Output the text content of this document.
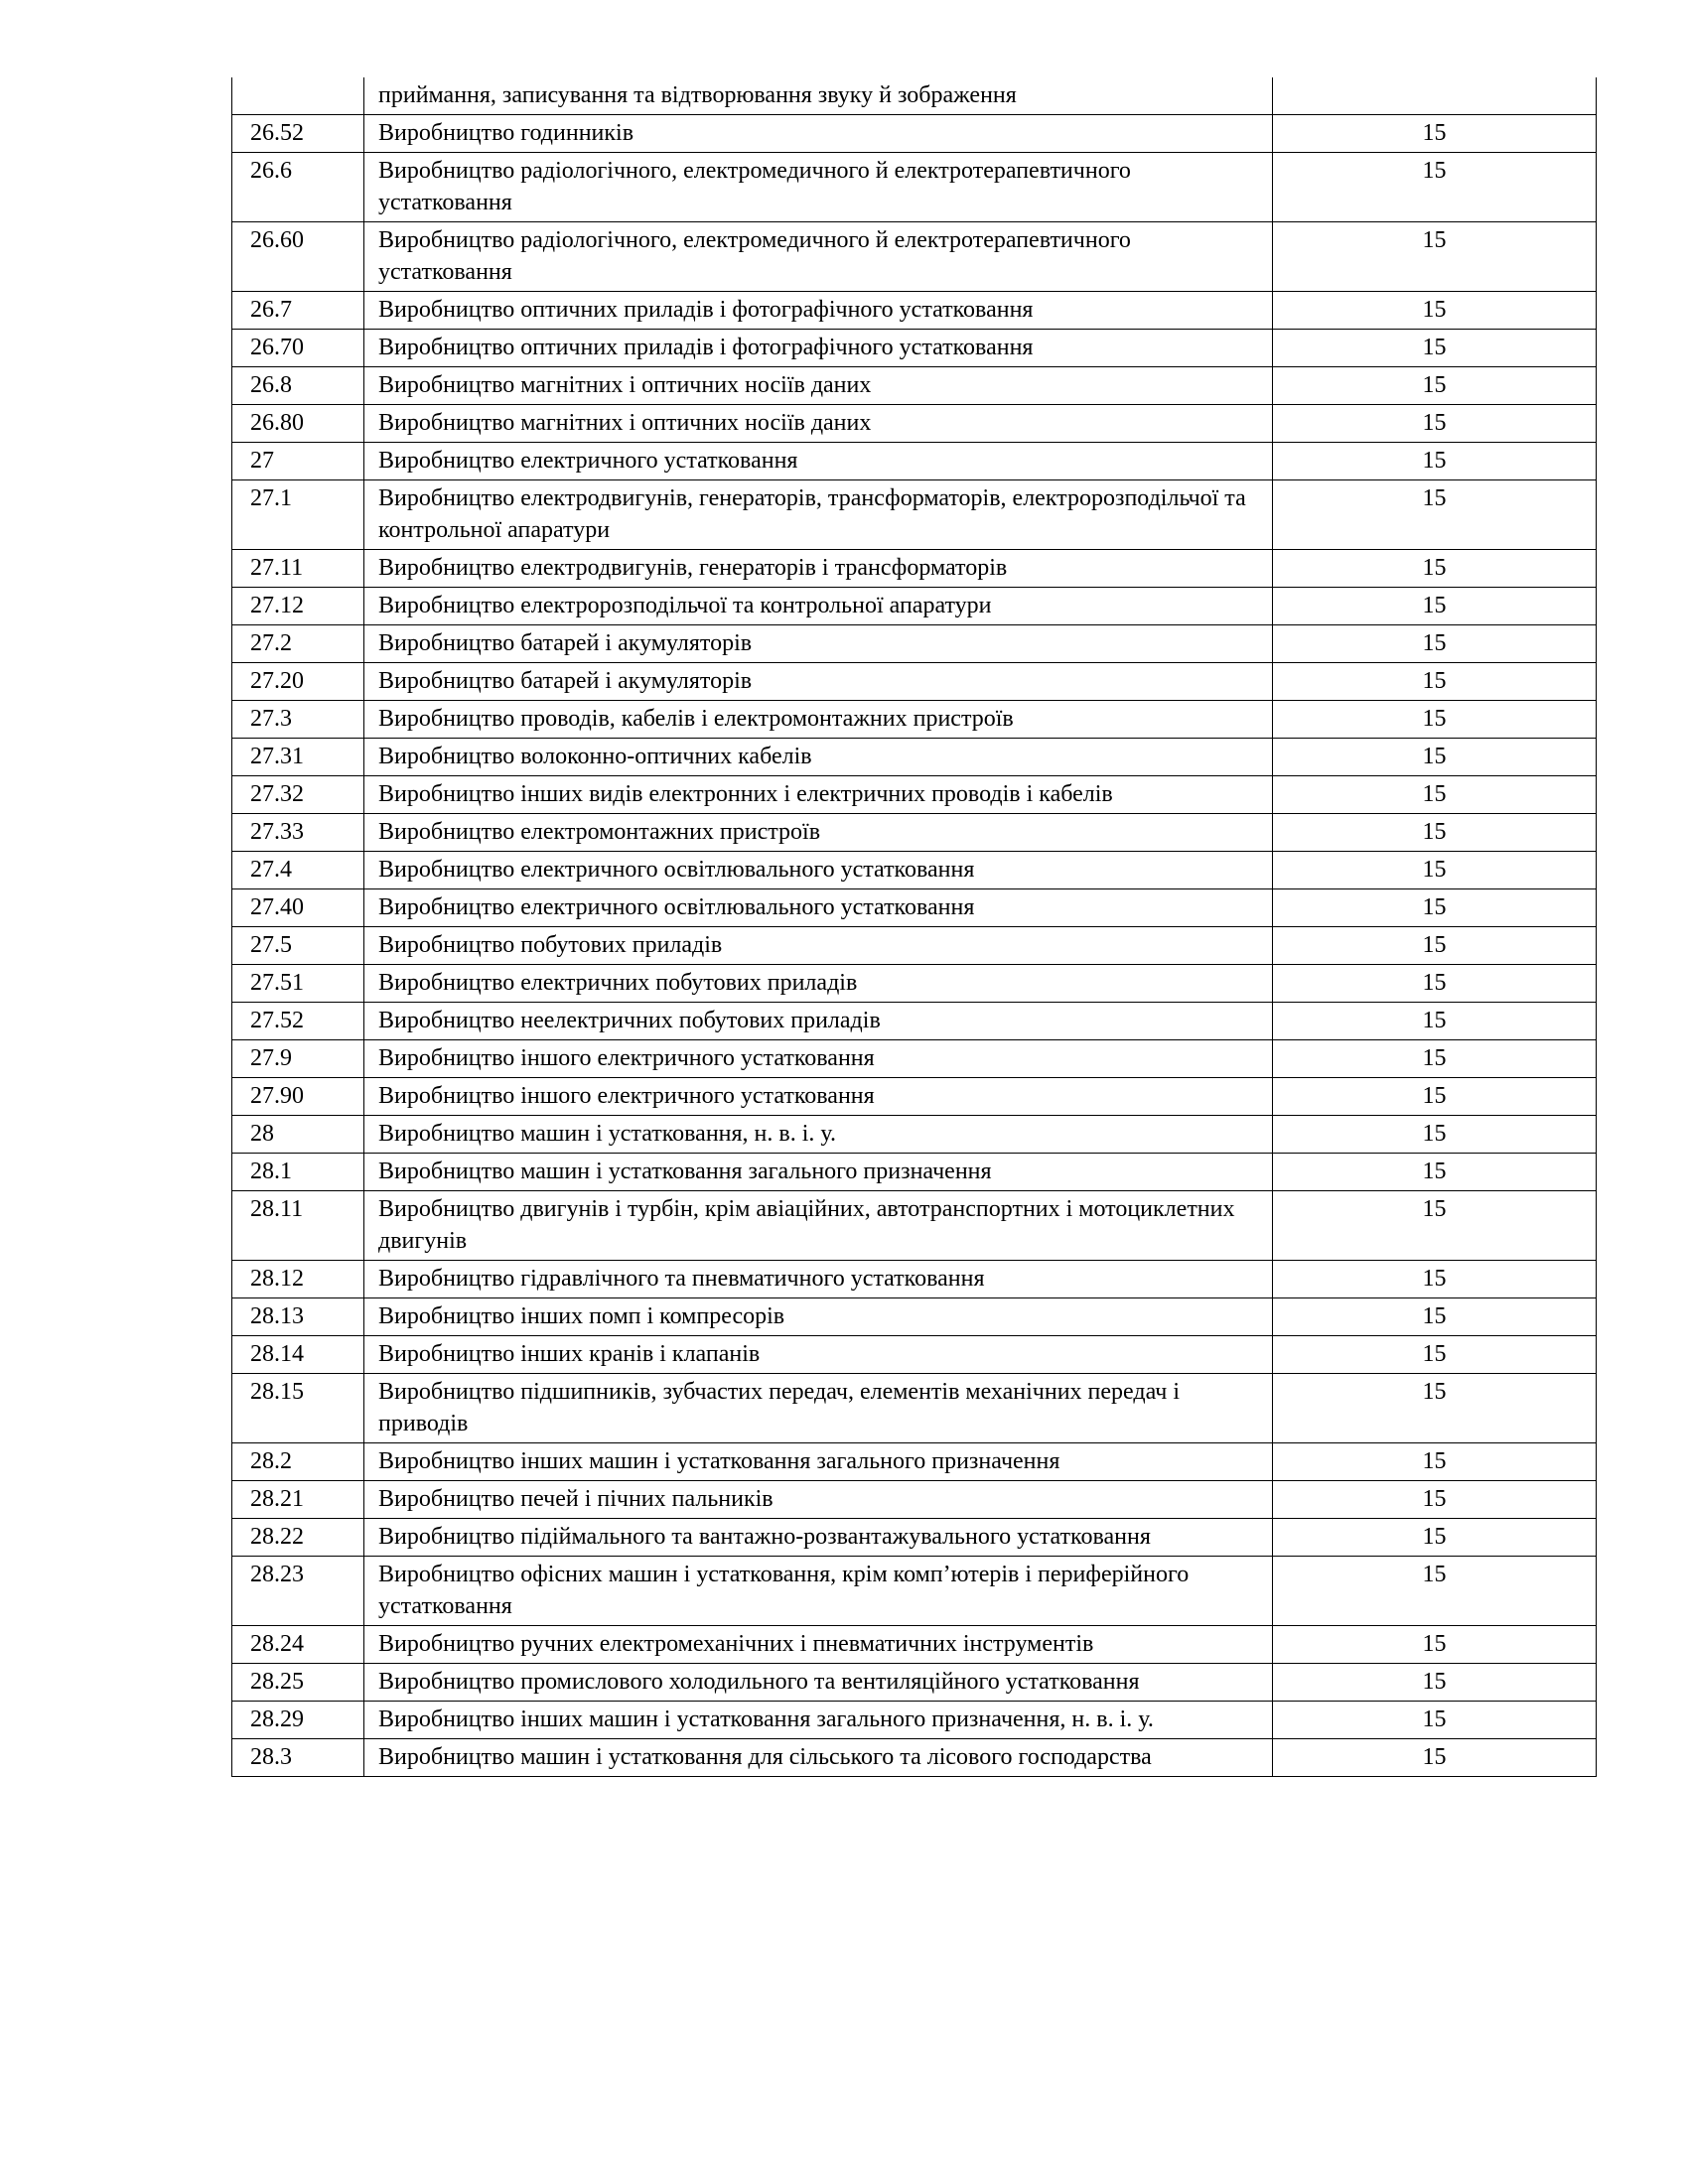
	приймання, записування та відтворювання звуку й зображення	
26.52	Виробництво годинників	15
26.6	Виробництво радіологічного, електромедичного й електротерапевтичного устатковання	15
26.60	Виробництво радіологічного, електромедичного й електротерапевтичного устатковання	15
26.7	Виробництво оптичних приладів і фотографічного устатковання	15
26.70	Виробництво оптичних приладів і фотографічного устатковання	15
26.8	Виробництво магнітних і оптичних носіїв даних	15
26.80	Виробництво магнітних і оптичних носіїв даних	15
27	Виробництво електричного устатковання	15
27.1	Виробництво електродвигунів, генераторів, трансформаторів, електророзподільчої та контрольної апаратури	15
27.11	Виробництво електродвигунів, генераторів і трансформаторів	15
27.12	Виробництво електророзподільчої та контрольної апаратури	15
27.2	Виробництво батарей і акумуляторів	15
27.20	Виробництво батарей і акумуляторів	15
27.3	Виробництво проводів, кабелів і електромонтажних пристроїв	15
27.31	Виробництво волоконно-оптичних кабелів	15
27.32	Виробництво інших видів електронних і електричних проводів і кабелів	15
27.33	Виробництво електромонтажних пристроїв	15
27.4	Виробництво електричного освітлювального устатковання	15
27.40	Виробництво електричного освітлювального устатковання	15
27.5	Виробництво побутових приладів	15
27.51	Виробництво електричних побутових приладів	15
27.52	Виробництво неелектричних побутових приладів	15
27.9	Виробництво іншого електричного устатковання	15
27.90	Виробництво іншого електричного устатковання	15
28	Виробництво машин і устатковання, н. в. і. у.	15
28.1	Виробництво машин і устатковання загального призначення	15
28.11	Виробництво двигунів і турбін, крім авіаційних, автотранспортних і мотоциклетних двигунів	15
28.12	Виробництво гідравлічного та пневматичного устатковання	15
28.13	Виробництво інших помп і компресорів	15
28.14	Виробництво інших кранів і клапанів	15
28.15	Виробництво підшипників, зубчастих передач, елементів механічних передач і приводів	15
28.2	Виробництво інших машин і устатковання загального призначення	15
28.21	Виробництво печей і пічних пальників	15
28.22	Виробництво підіймального та вантажно-розвантажувального устатковання	15
28.23	Виробництво офісних машин і устатковання, крім комп’ютерів і периферійного устатковання	15
28.24	Виробництво ручних електромеханічних і пневматичних інструментів	15
28.25	Виробництво промислового холодильного та вентиляційного устатковання	15
28.29	Виробництво інших машин і устатковання загального призначення, н. в. і. у.	15
28.3	Виробництво машин і устатковання для сільського та лісового господарства	15
